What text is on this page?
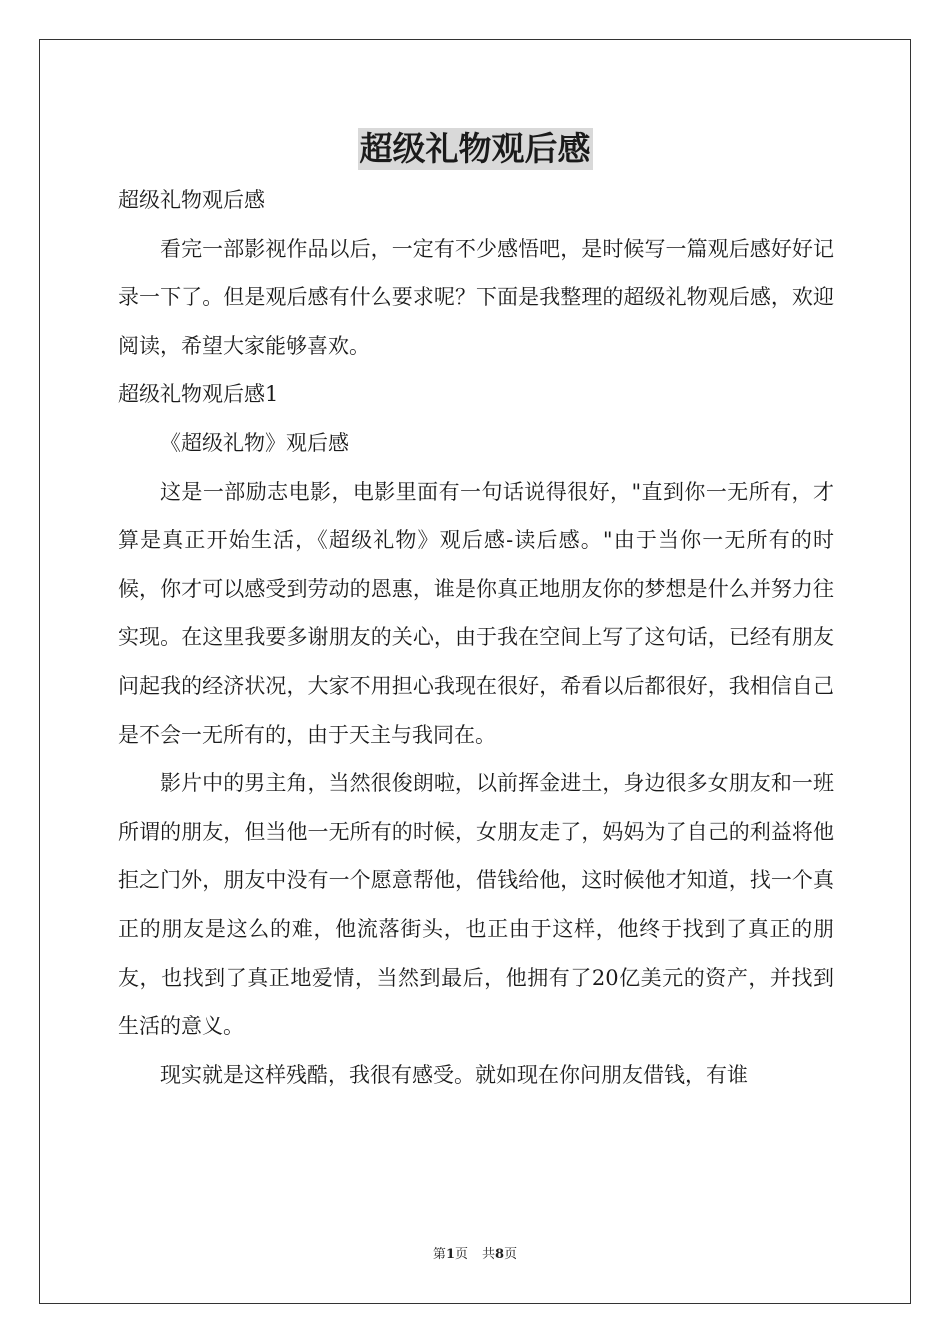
超级礼物观后感
超级礼物观后感

看完一部影视作品以后，一定有不少感悟吧，是时候写一篇观后感好好记录一下了。但是观后感有什么要求呢？下面是我整理的超级礼物观后感，欢迎阅读，希望大家能够喜欢。

超级礼物观后感1
《超级礼物》观后感

这是一部励志电影，电影里面有一句话说得很好，"直到你一无所有，才算是真正开始生活，《超级礼物》观后感-读后感。"由于当你一无所有的时候，你才可以感受到劳动的恩惠，谁是你真正地朋友你的梦想是什么并努力往实现。在这里我要多谢朋友的关心，由于我在空间上写了这句话，已经有朋友问起我的经济状况，大家不用担心我现在很好，希看以后都很好，我相信自己是不会一无所有的，由于天主与我同在。

影片中的男主角，当然很俊朗啦，以前挥金进土，身边很多女朋友和一班所谓的朋友，但当他一无所有的时候，女朋友走了，妈妈为了自己的利益将他拒之门外，朋友中没有一个愿意帮他，借钱给他，这时候他才知道，找一个真正的朋友是这么的难，他流落街头，也正由于这样，他终于找到了真正的朋友，也找到了真正地爱情，当然到最后，他拥有了20亿美元的资产，并找到生活的意义。

现实就是这样残酷，我很有感受。就如现在你问朋友借钱，有谁

第1页 共8页
